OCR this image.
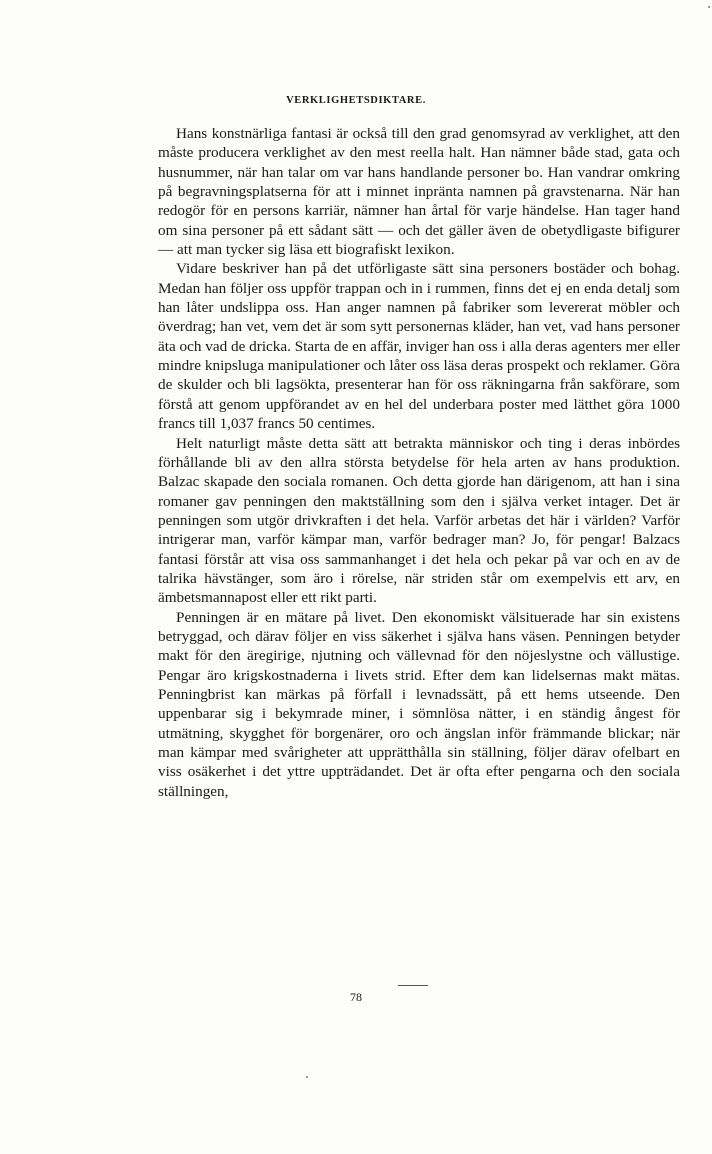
VERKLIGHETSDIKTARE.

Hans konstnärliga fantasi är också till den grad genomsyrad av verklighet, att den måste producera verklighet av den mest reella halt. Han nämner både stad, gata och husnummer, när han talar om var hans handlande personer bo. Han vandrar omkring på begravningsplatserna för att i minnet inpränta namnen på gravstenarna. När han redogör för en persons karriär, nämner han årtal för varje händelse. Han tager hand om sina personer på ett sådant sätt — och det gäller även de obetydligaste bifigurer — att man tycker sig läsa ett biografiskt lexikon.

Vidare beskriver han på det utförligaste sätt sina personers bostäder och bohag. Medan han följer oss uppför trappan och in i rummen, finns det ej en enda detalj som han låter undslippa oss. Han anger namnen på fabriker som levererat möbler och överdrag; han vet, vem det är som sytt personernas kläder, han vet, vad hans personer äta och vad de dricka. Starta de en affär, inviger han oss i alla deras agenters mer eller mindre knipsluga manipulationer och låter oss läsa deras prospekt och reklamer. Göra de skulder och bli lagsökta, presenterar han för oss räkningarna från sakförare, som förstå att genom uppförandet av en hel del underbara poster med lätthet göra 1000 francs till 1,037 francs 50 centimes.

Helt naturligt måste detta sätt att betrakta människor och ting i deras inbördes förhållande bli av den allra största betydelse för hela arten av hans produktion. Balzac skapade den sociala romanen. Och detta gjorde han därigenom, att han i sina romaner gav penningen den maktställning som den i själva verket intager. Det är penningen som utgör drivkraften i det hela. Varför arbetas det här i världen? Varför intrigerar man, varför kämpar man, varför bedrager man? Jo, för pengar! Balzacs fantasi förstår att visa oss sammanhanget i det hela och pekar på var och en av de talrika hävstänger, som äro i rörelse, när striden står om exempelvis ett arv, en ämbetsmannapost eller ett rikt parti.

Penningen är en mätare på livet. Den ekonomiskt välsituerade har sin existens betryggad, och därav följer en viss säkerhet i själva hans väsen. Penningen betyder makt för den äregirige, njutning och vällevnad för den nöjeslystne och vällustige. Pengar äro krigskostnaderna i livets strid. Efter dem kan lidelsernas makt mätas. Penningbrist kan märkas på förfall i levnadssätt, på ett hems utseende. Den uppenbarar sig i bekymrade miner, i sömnlösa nätter, i en ständig ångest för utmätning, skygghet för borgenärer, oro och ängslan inför främmande blickar; när man kämpar med svårigheter att upprätthålla sin ställning, följer därav ofelbart en viss osäkerhet i det yttre uppträdandet. Det är ofta efter pengarna och den sociala ställningen,

78
